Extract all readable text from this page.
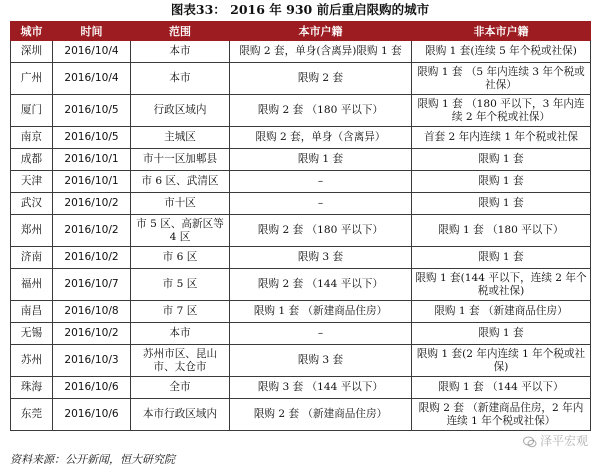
图表33： 2016 年 930 前后重启限购的城市
城市	时间	范围	本市户籍	非本市户籍
深圳	2016/10/4	本市	限购 2 套，单身(含离异)限购 1 套	限购 1 套(连续 5 年个税或社保)
广州	2016/10/4	本市	限购 2 套	限购 1 套 （5 年内连续 3 年个税或社保）
厦门	2016/10/5	行政区域内	限购 2 套 （180 平以下）	限购 1 套 （180 平以下，3 年内连续 2 年个税或社保）
南京	2016/10/5	主城区	限购 2 套，单身（含离异）	首套 2 年内连续 1 年个税或社保
成都	2016/10/1	市十一区加郫县	限购 1 套	限购 1 套
天津	2016/10/1	市 6 区、武清区	–	限购 1 套
武汉	2016/10/2	市十区	–	限购 1 套
郑州	2016/10/2	市 5 区、高新区等 4 区	限购 2 套 （180 平以下）	限购 1 套 （180 平以下）
济南	2016/10/2	市 6 区	限购 3 套	限购 1 套
福州	2016/10/7	市 5 区	限购 2 套 （144 平以下）	限购 1 套(144 平以下，连续 2 年个税或社保)
南昌	2016/10/8	市 7 区	限购 1 套 （新建商品住房）	限购 1 套 （新建商品住房）
无锡	2016/10/2	本市	–	限购 1 套
苏州	2016/10/3	苏州市区、昆山市、太仓市	限购 3 套	限购 1 套(2 年内连续 1 年个税或社保)
珠海	2016/10/6	全市	限购 3 套 （144 平以下）	限购 1 套 （144 平以下）
东莞	2016/10/6	本市行政区域内	限购 2 套 （新建商品住房）	限购 2 套 （新建商品住房，2 年内连续 1 年个税或社保）
资料来源：公开新闻，恒大研究院
泽平宏观
